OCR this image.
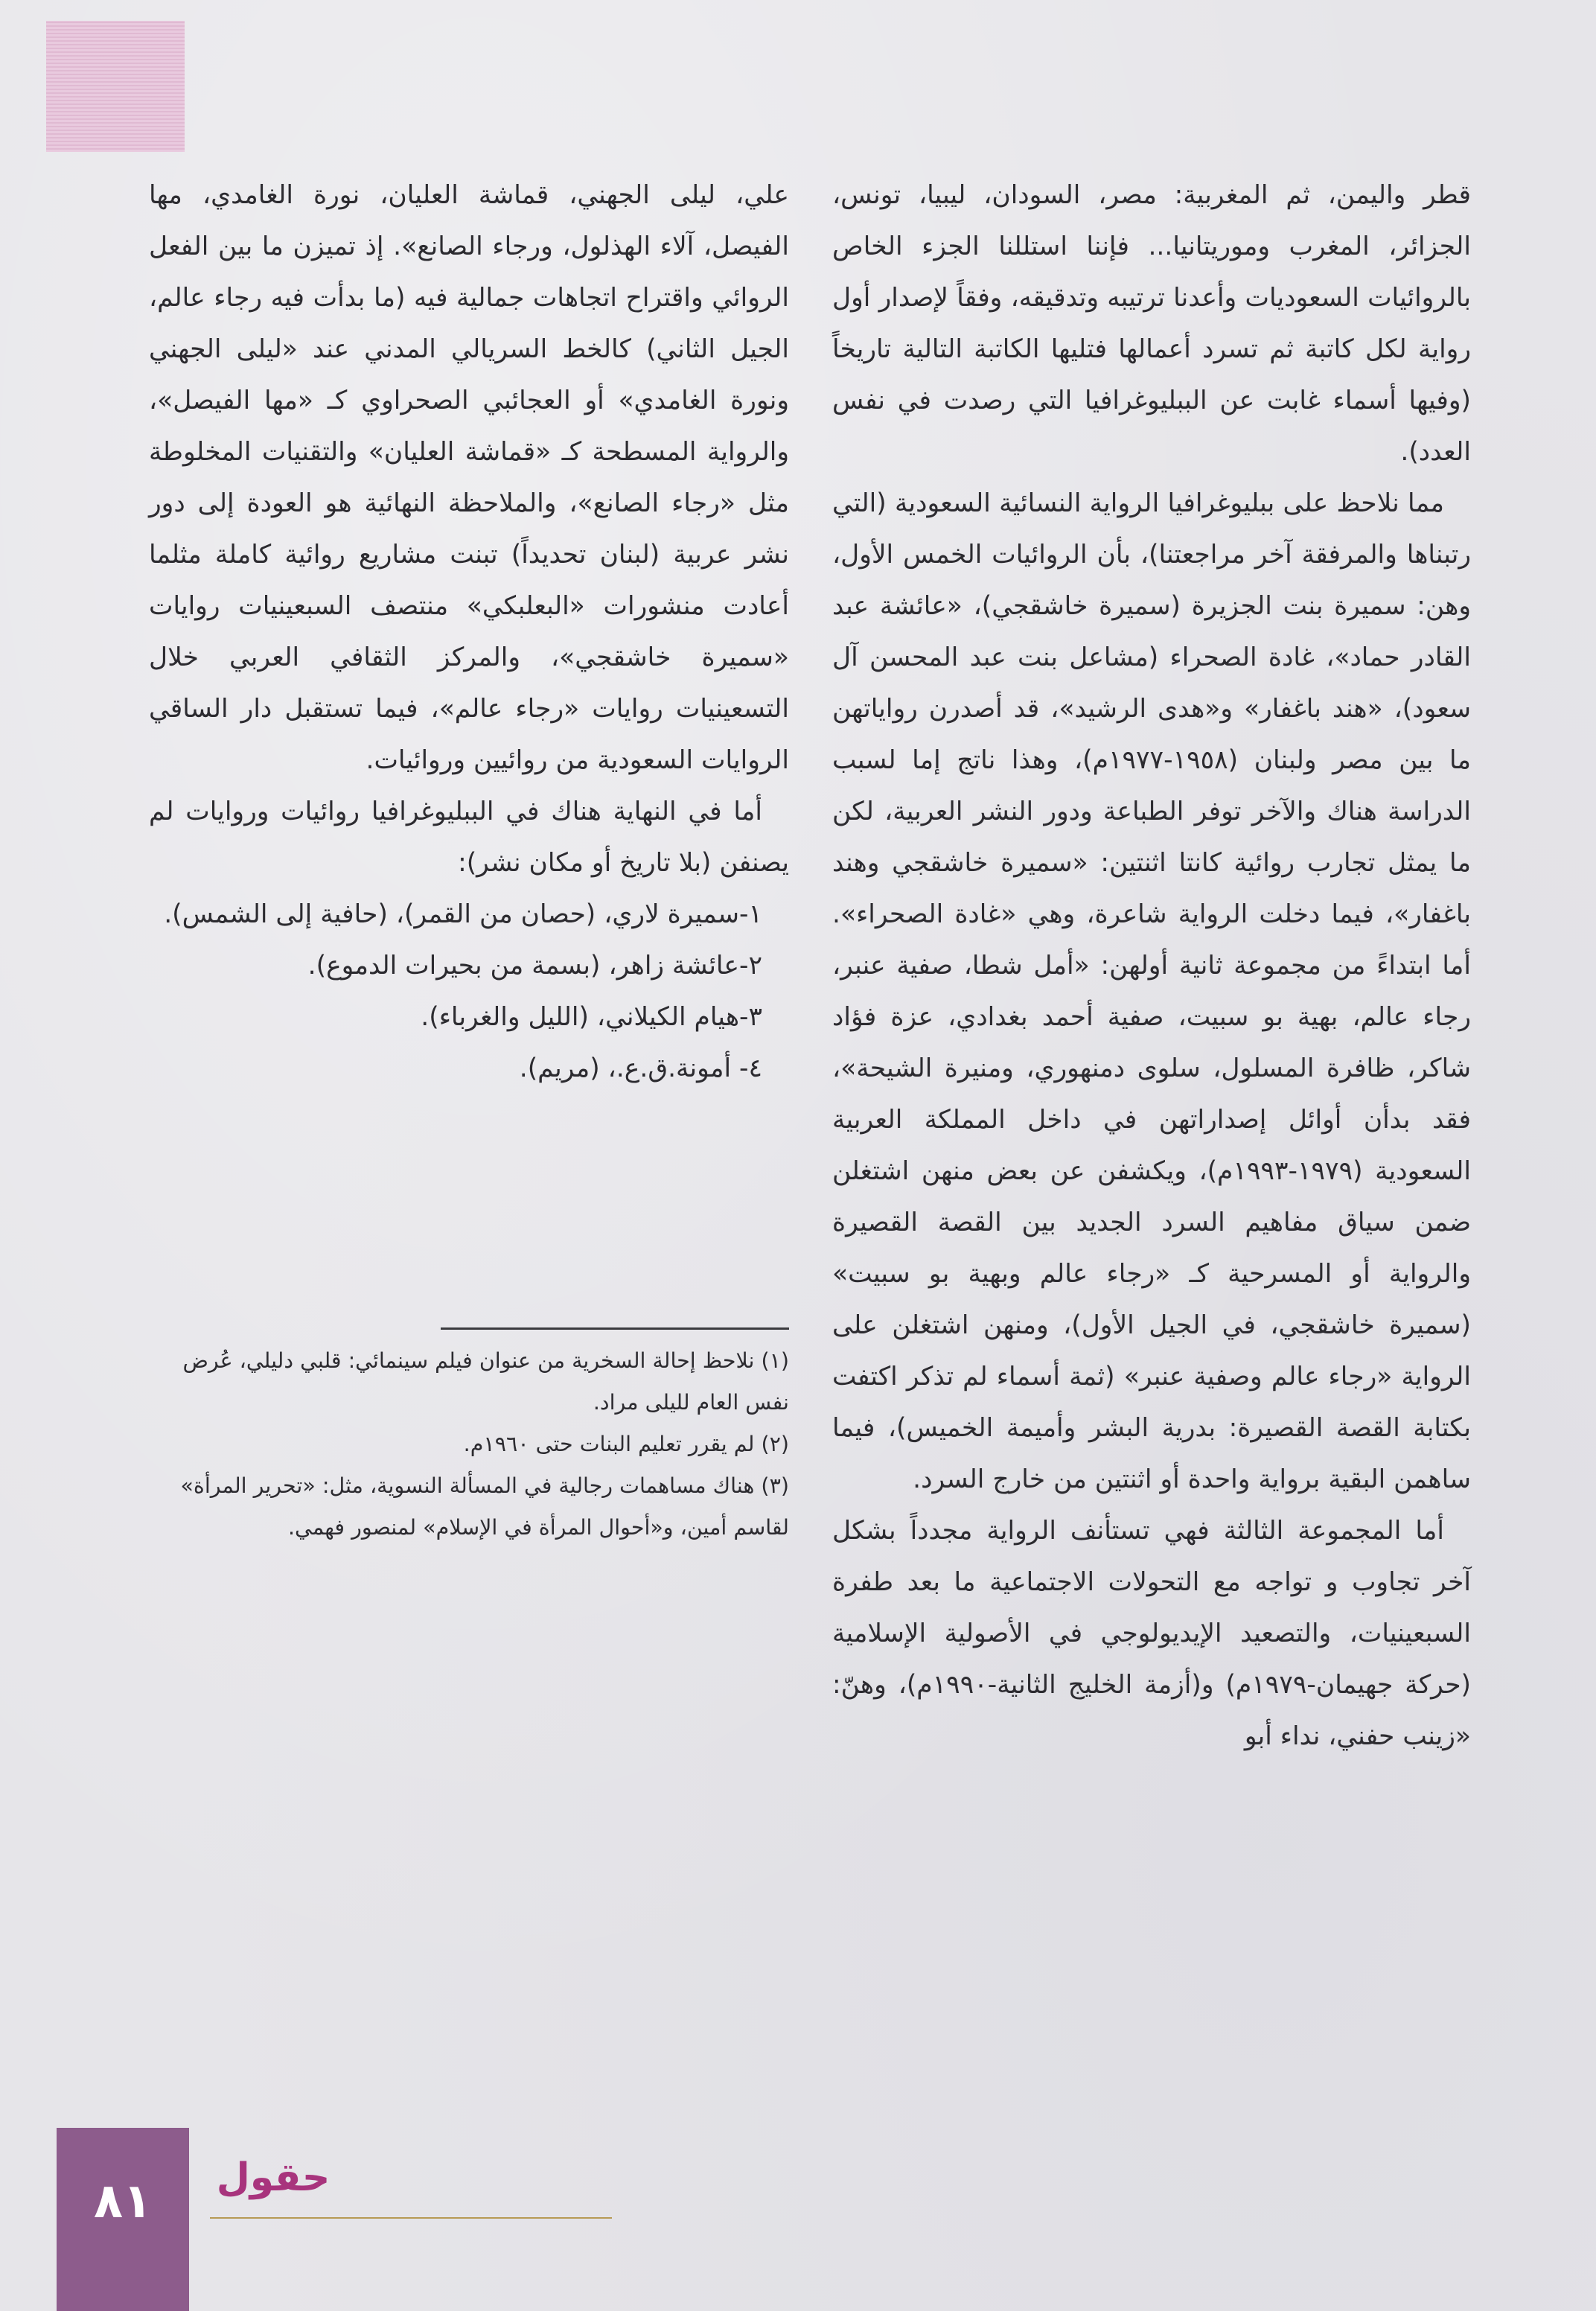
قطر واليمن، ثم المغربية: مصر، السودان، ليبيا، تونس، الجزائر، المغرب وموريتانيا... فإننا استللنا الجزء الخاص بالروائيات السعوديات وأعدنا ترتيبه وتدقيقه، وفقاً لإصدار أول رواية لكل كاتبة ثم تسرد أعمالها فتليها الكاتبة التالية تاريخاً (وفيها أسماء غابت عن الببليوغرافيا التي رصدت في نفس العدد).

مما نلاحظ على ببليوغرافيا الرواية النسائية السعودية (التي رتبناها والمرفقة آخر مراجعتنا)، بأن الروائيات الخمس الأول، وهن: سميرة بنت الجزيرة (سميرة خاشقجي)، «عائشة عبد القادر حماد»، غادة الصحراء (مشاعل بنت عبد المحسن آل سعود)، «هند باغفار» و«هدى الرشيد»، قد أصدرن رواياتهن ما بين مصر ولبنان (١٩٥٨-١٩٧٧م)، وهذا ناتج إما لسبب الدراسة هناك والآخر توفر الطباعة ودور النشر العربية، لكن ما يمثل تجارب روائية كانتا اثنتين: «سميرة خاشقجي وهند باغفار»، فيما دخلت الرواية شاعرة، وهي «غادة الصحراء». أما ابتداءً من مجموعة ثانية أولهن: «أمل شطا، صفية عنبر، رجاء عالم، بهية بو سبيت، صفية أحمد بغدادي، عزة فؤاد شاكر، ظافرة المسلول، سلوى دمنهوري، ومنيرة الشيحة»، فقد بدأن أوائل إصداراتهن في داخل المملكة العربية السعودية (١٩٧٩-١٩٩٣م)، ويكشفن عن بعض منهن اشتغلن ضمن سياق مفاهيم السرد الجديد بين القصة القصيرة والرواية أو المسرحية كـ «رجاء عالم وبهية بو سبيت» (سميرة خاشقجي، في الجيل الأول)، ومنهن اشتغلن على الرواية «رجاء عالم وصفية عنبر» (ثمة أسماء لم تذكر اكتفت بكتابة القصة القصيرة: بدرية البشر وأميمة الخميس)، فيما ساهمن البقية برواية واحدة أو اثنتين من خارج السرد.

أما المجموعة الثالثة فهي تستأنف الرواية مجدداً بشكل آخر تجاوب و تواجه مع التحولات الاجتماعية ما بعد طفرة السبعينيات، والتصعيد الإيديولوجي في الأصولية الإسلامية (حركة جهيمان-١٩٧٩م) و(أزمة الخليج الثانية-١٩٩٠م)، وهنّ: «زينب حفني، نداء أبو

علي، ليلى الجهني، قماشة العليان، نورة الغامدي، مها الفيصل، آلاء الهذلول، ورجاء الصانع». إذ تميزن ما بين الفعل الروائي واقتراح اتجاهات جمالية فيه (ما بدأت فيه رجاء عالم، الجيل الثاني) كالخط السريالي المدني عند «ليلى الجهني ونورة الغامدي» أو العجائبي الصحراوي كـ «مها الفيصل»، والرواية المسطحة كـ «قماشة العليان» والتقنيات المخلوطة مثل «رجاء الصانع»، والملاحظة النهائية هو العودة إلى دور نشر عربية (لبنان تحديداً) تبنت مشاريع روائية كاملة مثلما أعادت منشورات «البعلبكي» منتصف السبعينيات روايات «سميرة خاشقجي»، والمركز الثقافي العربي خلال التسعينيات روايات «رجاء عالم»، فيما تستقبل دار الساقي الروايات السعودية من روائيين وروائيات.

أما في النهاية هناك في الببليوغرافيا روائيات وروايات لم يصنفن (بلا تاريخ أو مكان نشر):

١-سميرة لاري، (حصان من القمر)، (حافية إلى الشمس).

٢-عائشة زاهر، (بسمة من بحيرات الدموع).

٣-هيام الكيلاني، (الليل والغرباء).

٤- أمونة.ق.ع.، (مريم).

(١) نلاحظ إحالة السخرية من عنوان فيلم سينمائي: قلبي دليلي، عُرض نفس العام لليلى مراد.

(٢) لم يقرر تعليم البنات حتى ١٩٦٠م.

(٣) هناك مساهمات رجالية في المسألة النسوية، مثل: «تحرير المرأة» لقاسم أمين، و«أحوال المرأة في الإسلام» لمنصور فهمي.

٨١ حقول
